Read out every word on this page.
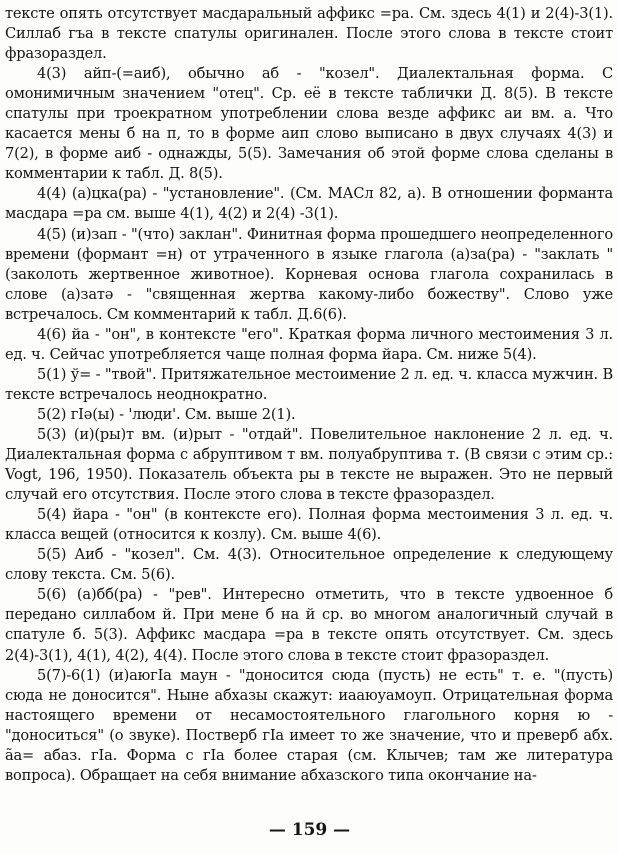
тексте опять отсутствует масдаральный аффикс =ра. См. здесь 4(1) и 2(4)-3(1). Силлаб гъа в тексте спатулы оригинален. После этого слова в тексте стоит фразораздел.

4(3) айп-(=аиб), обычно аб - "козел". Диалектальная форма. С омонимичным значением "отец". Ср. её в тексте таблички Д. 8(5). В тексте спатулы при троекратном употреблении слова везде аффикс аи вм. а. Что касается мены б на п, то в форме аип слово выписано в двух случаях 4(3) и 7(2), в форме аиб - однажды, 5(5). Замечания об этой форме слова сделаны в комментарии к табл. Д. 8(5).

4(4) (а)цка(ра) - "установление". (См. МАСл 82, а). В отношении форманта масдара =ра см. выше 4(1), 4(2) и 2(4) -3(1).

4(5) (и)зап - "(что) заклан". Финитная форма прошедшего неопределенного времени (формант =н) от утраченного в языке глагола (а)за(ра) - "заклать " (заколоть жертвенное животное). Корневая основа глагола сохранилась в слове (а)затә - "священная жертва какому-либо божеству". Слово уже встречалось. См комментарий к табл. Д.6(6).

4(6) йа - "он", в контексте "его". Краткая форма личного местоимения 3 л. ед. ч. Сейчас употребляется чаще полная форма йара. См. ниже 5(4).

5(1) ў= - "твой". Притяжательное местоимение 2 л. ед. ч. класса мужчин. В тексте встречалось неоднократно.

5(2) гӀә(ы) - 'люди'. См. выше 2(1).

5(3) (и)(ры)т вм. (и)рыт - "отдай". Повелительное наклонение 2 л. ед. ч. Диалектальная форма с абруптивом т вм. полуабруптива т. (В связи с этим ср.: Vogt, 196, 1950). Показатель объекта ры в тексте не выражен. Это не первый случай его отсутствия. После этого слова в тексте фразораздел.

5(4) йара - "он" (в контексте его). Полная форма местоимения 3 л. ед. ч. класса вещей (относится к козлу). См. выше 4(6).

5(5) Аиб - "козел". См. 4(3). Относительное определение к следующему слову текста. См. 5(6).

5(6) (а)бб(ра) - "рев". Интересно отметить, что в тексте удвоенное б передано силлабом й. При мене б на й ср. во многом аналогичный случай в спатуле б. 5(3). Аффикс масдара =ра в тексте опять отсутствует. См. здесь 2(4)-3(1), 4(1), 4(2), 4(4). После этого слова в тексте стоит фразораздел.

5(7)-6(1) (и)аюгӀа маун - "доносится сюда (пусть) не есть" т. е. "(пусть) сюда не доносится". Ныне абхазы скажут: иааюуамоуп. Отрицательная форма настоящего времени от несамостоятельного глагольного корня ю - "доноситься" (о звуке). Постверб гӀа имеет то же значение, что и преверб абх. ãа= абаз. гӀа. Форма с гӀа более старая (см. Клычев; там же литература вопроса). Обращает на себя внимание абхазского типа окончание на-

— 159 —
